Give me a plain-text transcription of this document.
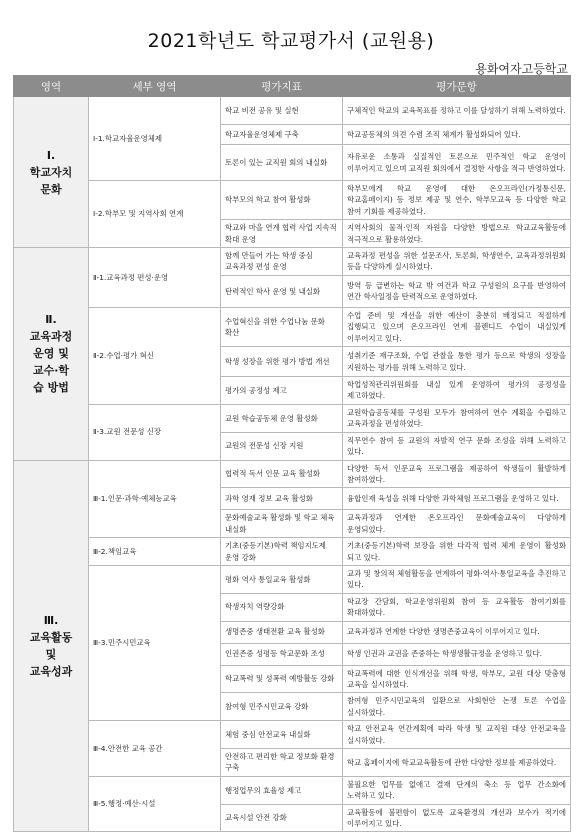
2021학년도 학교평가서 (교원용)
용화여자고등학교
영역	세부 영역	평가지표	평가문항
Ⅰ.
학교자치
문화	Ⅰ-1.학교자율운영체제	학교 비전 공유 및 실현	구체적인 학교의 교육목표를 정하고 이를 달성하기 위해 노력하였다.
		학교자율운영체제 구축	학교공동체의 의견 수렴 조직 체계가 활성화되어 있다.
		토론이 있는 교직원 회의 내실화	자유로운 소통과 실질적인 토론으로 민주적인 학교 운영이 이루어지고 있으며 교직원 회의에서 결정한 사항을 적극 반영하였다.
	Ⅰ-2.학부모 및 지역사회 연계	학부모의 학교 참여 활성화	학부모에게 학교 운영에 대한 온오프라인(가정통신문, 학교홈페이지) 등 정보 제공 및 연수, 학부모교육 등 다양한 학교 참여 기회를 제공하였다.
		학교와 마을 연계 협력 사업 지속적 확대 운영	지역사회의 물적·인적 자원을 다양한 방법으로 학교교육활동에 적극적으로 활용하였다.
Ⅱ.
교육과정
운영 및
교수·학
습 방법	Ⅱ-1.교육과정 편성·운영	함께 만들어 가는 학생 중심 교육과정 편성 운영	교육과정 편성을 위한 설문조사, 토론회, 학생연수, 교육과정위원회 등을 다양하게 실시하였다.
		탄력적인 학사 운영 및 내실화	방역 등 급변하는 학교 밖 여건과 학교 구성원의 요구를 반영하여 연간 학사일정을 탄력적으로 운영하였다.
	Ⅱ-2.수업·평가 혁신	수업혁신을 위한 수업나눔 문화 확산	수업 준비 및 개선을 위한 예산이 충분히 배정되고 적절하게 집행되고 있으며 온오프라인 연계 블렌디드 수업이 내실있게 이루어지고 있다.
		학생 성장을 위한 평가 방법 개선	성취기준 재구조화, 수업 관찰을 통한 평가 등으로 학생의 성장을 지원하는 평가를 위해 노력하고 있다.
		평가의 공정성 제고	학업성적관리위원회를 내실 있게 운영하여 평가의 공정성을 제고하였다.
	Ⅱ-3.교원 전문성 신장	교원 학습공동체 운영 활성화	교원학습공동체를 구성원 모두가 참여하여 연수 계획을 수립하고 교육과정을 편성하였다.
		교원의 전문성 신장 지원	직무연수 참여 등 교원의 자발적 연구 문화 조성을 위해 노력하고 있다.
Ⅲ.
교육활동
및
교육성과	Ⅲ-1.인문·과학·예체능교육	협력적 독서 인문 교육 활성화	다양한 독서 인문교육 프로그램을 제공하여 학생들이 활발하게 참여하였다.
		과학 영재 정보 교육 활성화	융합인재 육성을 위해 다양한 과학체험 프로그램을 운영하고 있다.
		문화예술교육 활성화 및 학교 체육 내실화	교육과정과 연계한 온오프라인 문화예술교육이 다양하게 운영되었다.
	Ⅲ-2.책임교육	기초(중등기본)학력 책임지도제 운영 강화	기초(중등기본)학력 보장을 위한 다각적 협력 체계 운영이 활성화 되고 있다.
	Ⅲ-3.민주시민교육	평화 역사 통일교육 활성화	교과 및 창의적 체험활동을 연계하여 평화·역사·통일교육을 추진하고 있다.
		학생자치 역량강화	학교장 간담회, 학교운영위원회 참여 등 교육활동 참여기회를 확대하였다.
		생명존중 생태전환 교육 활성화	교육과정과 연계한 다양한 생명존중교육이 이루어지고 있다.
		인권존중 성평등 학교문화 조성	학생 인권과 교권을 존중하는 학생생활규정을 운영하고 있다.
		학교폭력 및 성폭력 예방활동 강화	학교폭력에 대한 인식개선을 위해 학생, 학부모, 교원 대상 맞춤형 교육을 실시하였다.
		참여형 민주시민교육 강화	참여형 민주시민교육의 일환으로 사회현안 논쟁 토론 수업을 실시하였다.
	Ⅲ-4.안전한 교육 공간	체험 중심 안전교육 내실화	학교 안전교육 연간계획에 따라 학생 및 교직원 대상 안전교육을 실시하였다.
		안전하고 편리한 학교 정보화 환경 구축	학교 홈페이지에 학교교육활동에 관한 다양한 정보를 제공하였다.
	Ⅲ-5.행정·예산·시설	행정업무의 효율성 제고	불필요한 업무를 없애고 결재 단계의 축소 등 업무 간소화에 노력하고 있다.
		교육시설 안전 강화	교육활동에 불편함이 없도록 교육환경의 개선과 보수가 적기에 이루어지고 있다.
